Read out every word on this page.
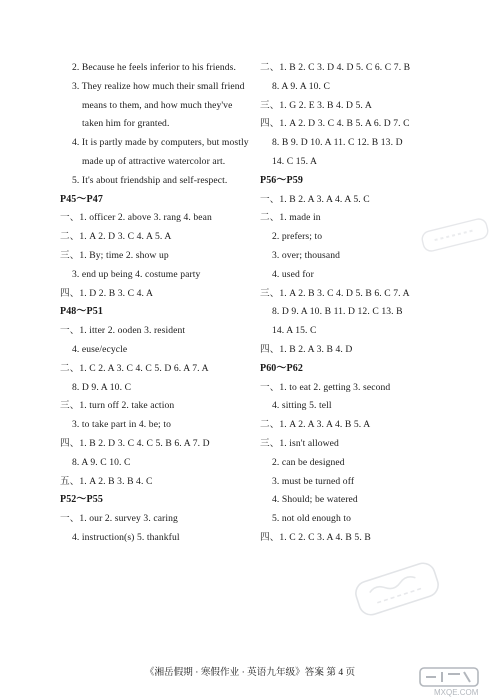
2. Because he feels inferior to his friends.
3. They realize how much their small friend
means to them, and how much they've
taken him for granted.
4. It is partly made by computers, but mostly
made up of attractive watercolor art.
5. It's about friendship and self-respect.
P45～P47
一、1. officer 2. above 3. rang 4. bean
二、1. A 2. D 3. C 4. A 5. A
三、1. By; time 2. show up
3. end up being 4. costume party
四、1. D 2. B 3. C 4. A
P48～P51
一、1. itter 2. ooden 3. resident
4. euse/ecycle
二、1. C 2. A 3. C 4. C 5. D 6. A 7. A
8. D 9. A 10. C
三、1. turn off 2. take action
3. to take part in 4. be; to
四、1. B 2. D 3. C 4. C 5. B 6. A 7. D
8. A 9. C 10. C
五、1. A 2. B 3. B 4. C
P52～P55
一、1. our 2. survey 3. caring
4. instruction(s) 5. thankful
二、1. B 2. C 3. D 4. D 5. C 6. C 7. B
8. A 9. A 10. C
三、1. G 2. E 3. B 4. D 5. A
四、1. A 2. D 3. C 4. B 5. A 6. D 7. C
8. B 9. D 10. A 11. C 12. B 13. D
14. C 15. A
P56～P59
一、1. B 2. A 3. A 4. A 5. C
二、1. made in
2. prefers; to
3. over; thousand
4. used for
三、1. A 2. B 3. C 4. D 5. B 6. C 7. A
8. D 9. A 10. B 11. D 12. C 13. B
14. A 15. C
四、1. B 2. A 3. B 4. D
P60～P62
一、1. to eat 2. getting 3. second
4. sitting 5. tell
二、1. A 2. A 3. A 4. B 5. A
三、1. isn't allowed
2. can be designed
3. must be turned off
4. Should; be watered
5. not old enough to
四、1. C 2. C 3. A 4. B 5. B
《湘岳假期 · 寒假作业 · 英语九年级》答案 第 4 页
MXQE.COM
